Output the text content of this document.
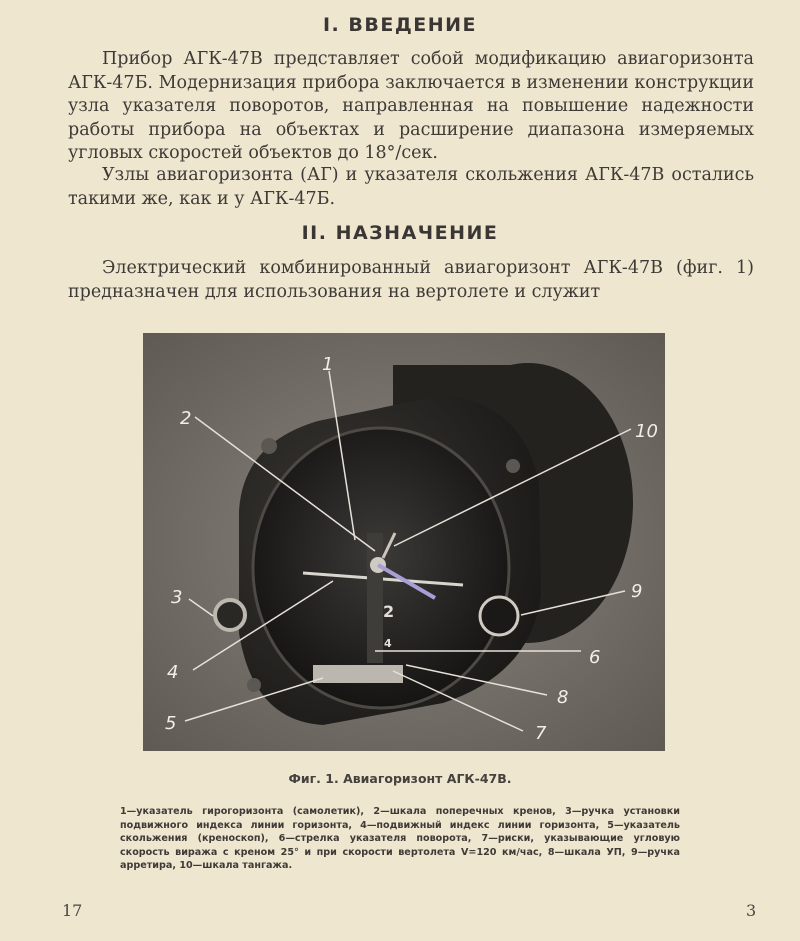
I. ВВЕДЕНИЕ
Прибор АГК-47В представляет собой модификацию авиагоризонта АГК-47Б. Модернизация прибора заключается в изменении конструкции узла указателя поворотов, направленная на повышение надежности работы прибора на объектах и расширение диапазона измеряемых угловых скоростей объектов до 18°/сек.
Узлы авиагоризонта (АГ) и указателя скольжения АГК-47В остались такими же, как и у АГК-47Б.
II. НАЗНАЧЕНИЕ
Электрический комбинированный авиагоризонт АГК-47В (фиг. 1) предназначен для использования на вертолете и служит
2
4
1
2
3
4
5
6
7
8
9
10
Фиг. 1. Авиагоризонт АГК-47В.
1—указатель гирогоризонта (самолетик), 2—шкала поперечных кренов, 3—ручка установки подвижного индекса линии горизонта, 4—подвижный индекс линии горизонта, 5—указатель скольжения (креноскоп), 6—стрелка указателя поворота, 7—риски, указывающие угловую скорость виража с креном 25° и при скорости вертолета V=120 км/час, 8—шкала УП, 9—ручка арретира, 10—шкала тангажа.
17	3
